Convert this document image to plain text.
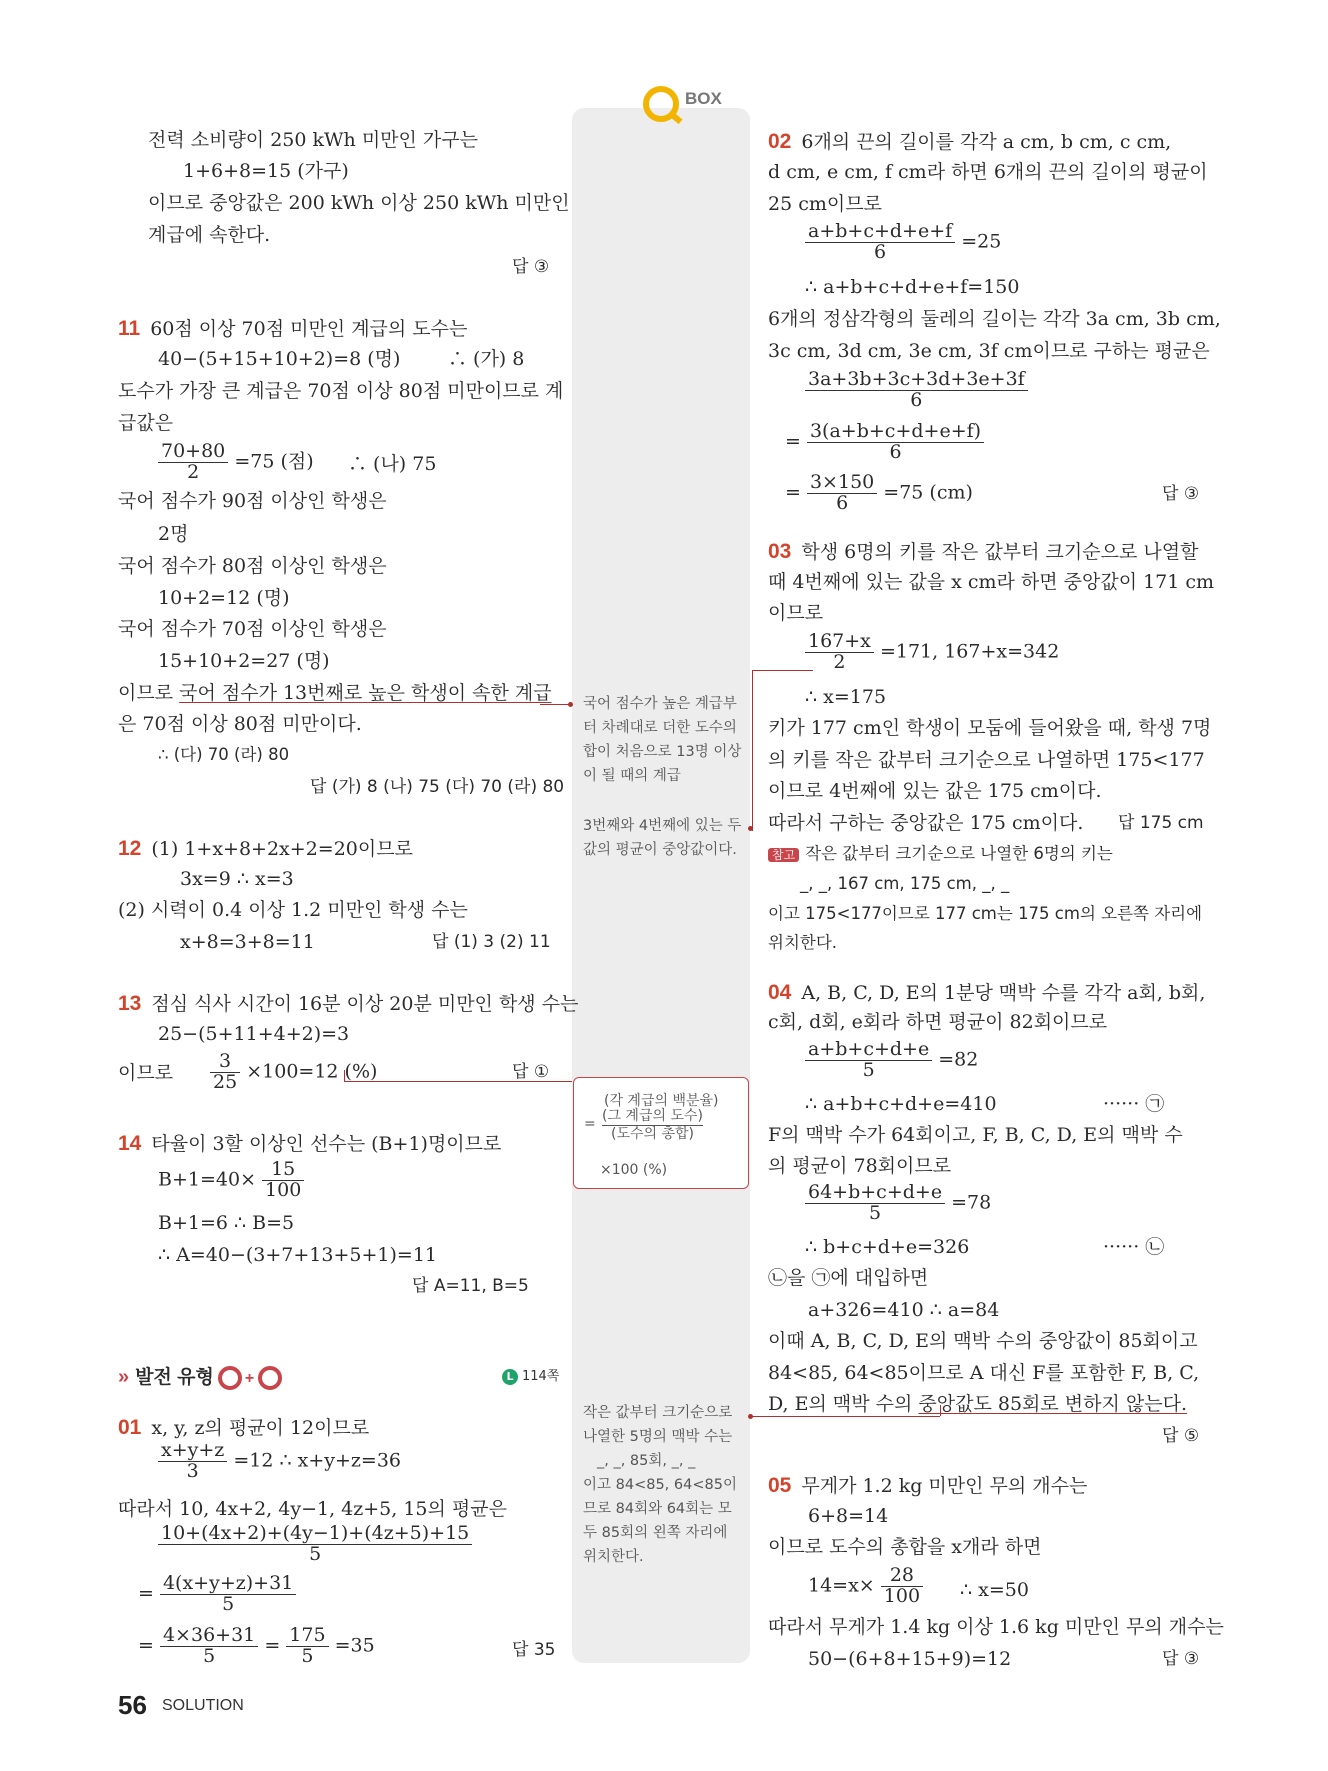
BOX
전력 소비량이 250 kWh 미만인 가구는
1+6+8=15 (가구)
이므로 중앙값은 200 kWh 이상 250 kWh 미만인
계급에 속한다.
답 ③
11 60점 이상 70점 미만인 계급의 도수는
40−(5+15+10+2)=8 (명)	∴ (가) 8
도수가 가장 큰 계급은 70점 이상 80점 미만이므로 계
급값은
$\frac{70+80}{2} =75$ (점) ∴ (나) 75
국어 점수가 90점 이상인 학생은
2명
국어 점수가 80점 이상인 학생은
10+2=12 (명)
국어 점수가 70점 이상인 학생은
15+10+2=27 (명)
이므로 국어 점수가 13번째로 높은 학생이 속한 계급
은 70점 이상 80점 미만이다.
∴ (다) 70 (라) 80
답 (가) 8 (나) 75 (다) 70 (라) 80
12 (1) 1+x+8+2x+2=20이므로
3x=9 ∴ x=3
(2) 시력이 0.4 이상 1.2 미만인 학생 수는
x+8=3+8=11	답 (1) 3 (2) 11
13 점심 식사 시간이 16분 이상 20분 미만인 학생 수는
25−(5+11+4+2)=3
이므로 $\frac{3}{25} \times 100=12$ (%)	답 ①
14 타율이 3할 이상인 선수는 (B+1)명이므로
$B+1=40\times \frac{15}{100}$
B+1=6 ∴ B=5
∴ A=40−(3+7+13+5+1)=11
답 A=11, B=5
» 발전 유형 +	L 114쪽
01 x, y, z의 평균이 12이므로
$\frac{x+y+z}{3} =12$ ∴ x+y+z=36
따라서 10, 4x+2, 4y−1, 4z+5, 15의 평균은
$\frac{10+(4x+2)+(4y-1)+(4z+5)+15}{5}$
= $\frac{4(x+y+z)+31}{5}$
= $\frac{4\times 36+31}{5} = \frac{175}{5} =35$	답 35
국어 점수가 높은 계급부터 차례대로 더한 도수의 합이 처음으로 13명 이상이 될 때의 계급
3번째와 4번째에 있는 두 값의 평균이 중앙값이다.
(각 계급의 백분율)
= (그 계급의 도수)
(도수의 총합)
×100 (%)
작은 값부터 크기순으로 나열한 5명의 맥박 수는
_, _, 85회, _, _
이고 84<85, 64<85이므로 84회와 64회는 모두 85회의 왼쪽 자리에 위치한다.
02 6개의 끈의 길이를 각각 a cm, b cm, c cm,
d cm, e cm, f cm라 하면 6개의 끈의 길이의 평균이
25 cm이므로
$\frac{a+b+c+d+e+f}{6} =25$
∴ a+b+c+d+e+f=150
6개의 정삼각형의 둘레의 길이는 각각 3a cm, 3b cm,
3c cm, 3d cm, 3e cm, 3f cm이므로 구하는 평균은
$\frac{3a+3b+3c+3d+3e+3f}{6}$
= $\frac{3(a+b+c+d+e+f)}{6}$
= $\frac{3\times 150}{6} =75$ (cm)	답 ③
03 학생 6명의 키를 작은 값부터 크기순으로 나열할
때 4번째에 있는 값을 x cm라 하면 중앙값이 171 cm
이므로
$\frac{167+x}{2} =171$, 167+x=342
∴ x=175
키가 177 cm인 학생이 모둠에 들어왔을 때, 학생 7명
의 키를 작은 값부터 크기순으로 나열하면 175<177
이므로 4번째에 있는 값은 175 cm이다.
따라서 구하는 중앙값은 175 cm이다. 답 175 cm
참고 작은 값부터 크기순으로 나열한 6명의 키는
_, _, 167 cm, 175 cm, _, _
이고 175<177이므로 177 cm는 175 cm의 오른쪽 자리에
위치한다.
04 A, B, C, D, E의 1분당 맥박 수를 각각 a회, b회,
c회, d회, e회라 하면 평균이 82회이므로
$\frac{a+b+c+d+e}{5} =82$
∴ a+b+c+d+e=410	······ ㉠
F의 맥박 수가 64회이고, F, B, C, D, E의 맥박 수
의 평균이 78회이므로
$\frac{64+b+c+d+e}{5} =78$
∴ b+c+d+e=326	······ ㉡
㉡을 ㉠에 대입하면
a+326=410 ∴ a=84
이때 A, B, C, D, E의 맥박 수의 중앙값이 85회이고
84<85, 64<85이므로 A 대신 F를 포함한 F, B, C,
D, E의 맥박 수의 중앙값도 85회로 변하지 않는다.
답 ⑤
05 무게가 1.2 kg 미만인 무의 개수는
6+8=14
이므로 도수의 총합을 x개라 하면
$14=x\times \frac{28}{100}$ ∴ x=50
따라서 무게가 1.4 kg 이상 1.6 kg 미만인 무의 개수는
50−(6+8+15+9)=12	답 ③
56 SOLUTION
